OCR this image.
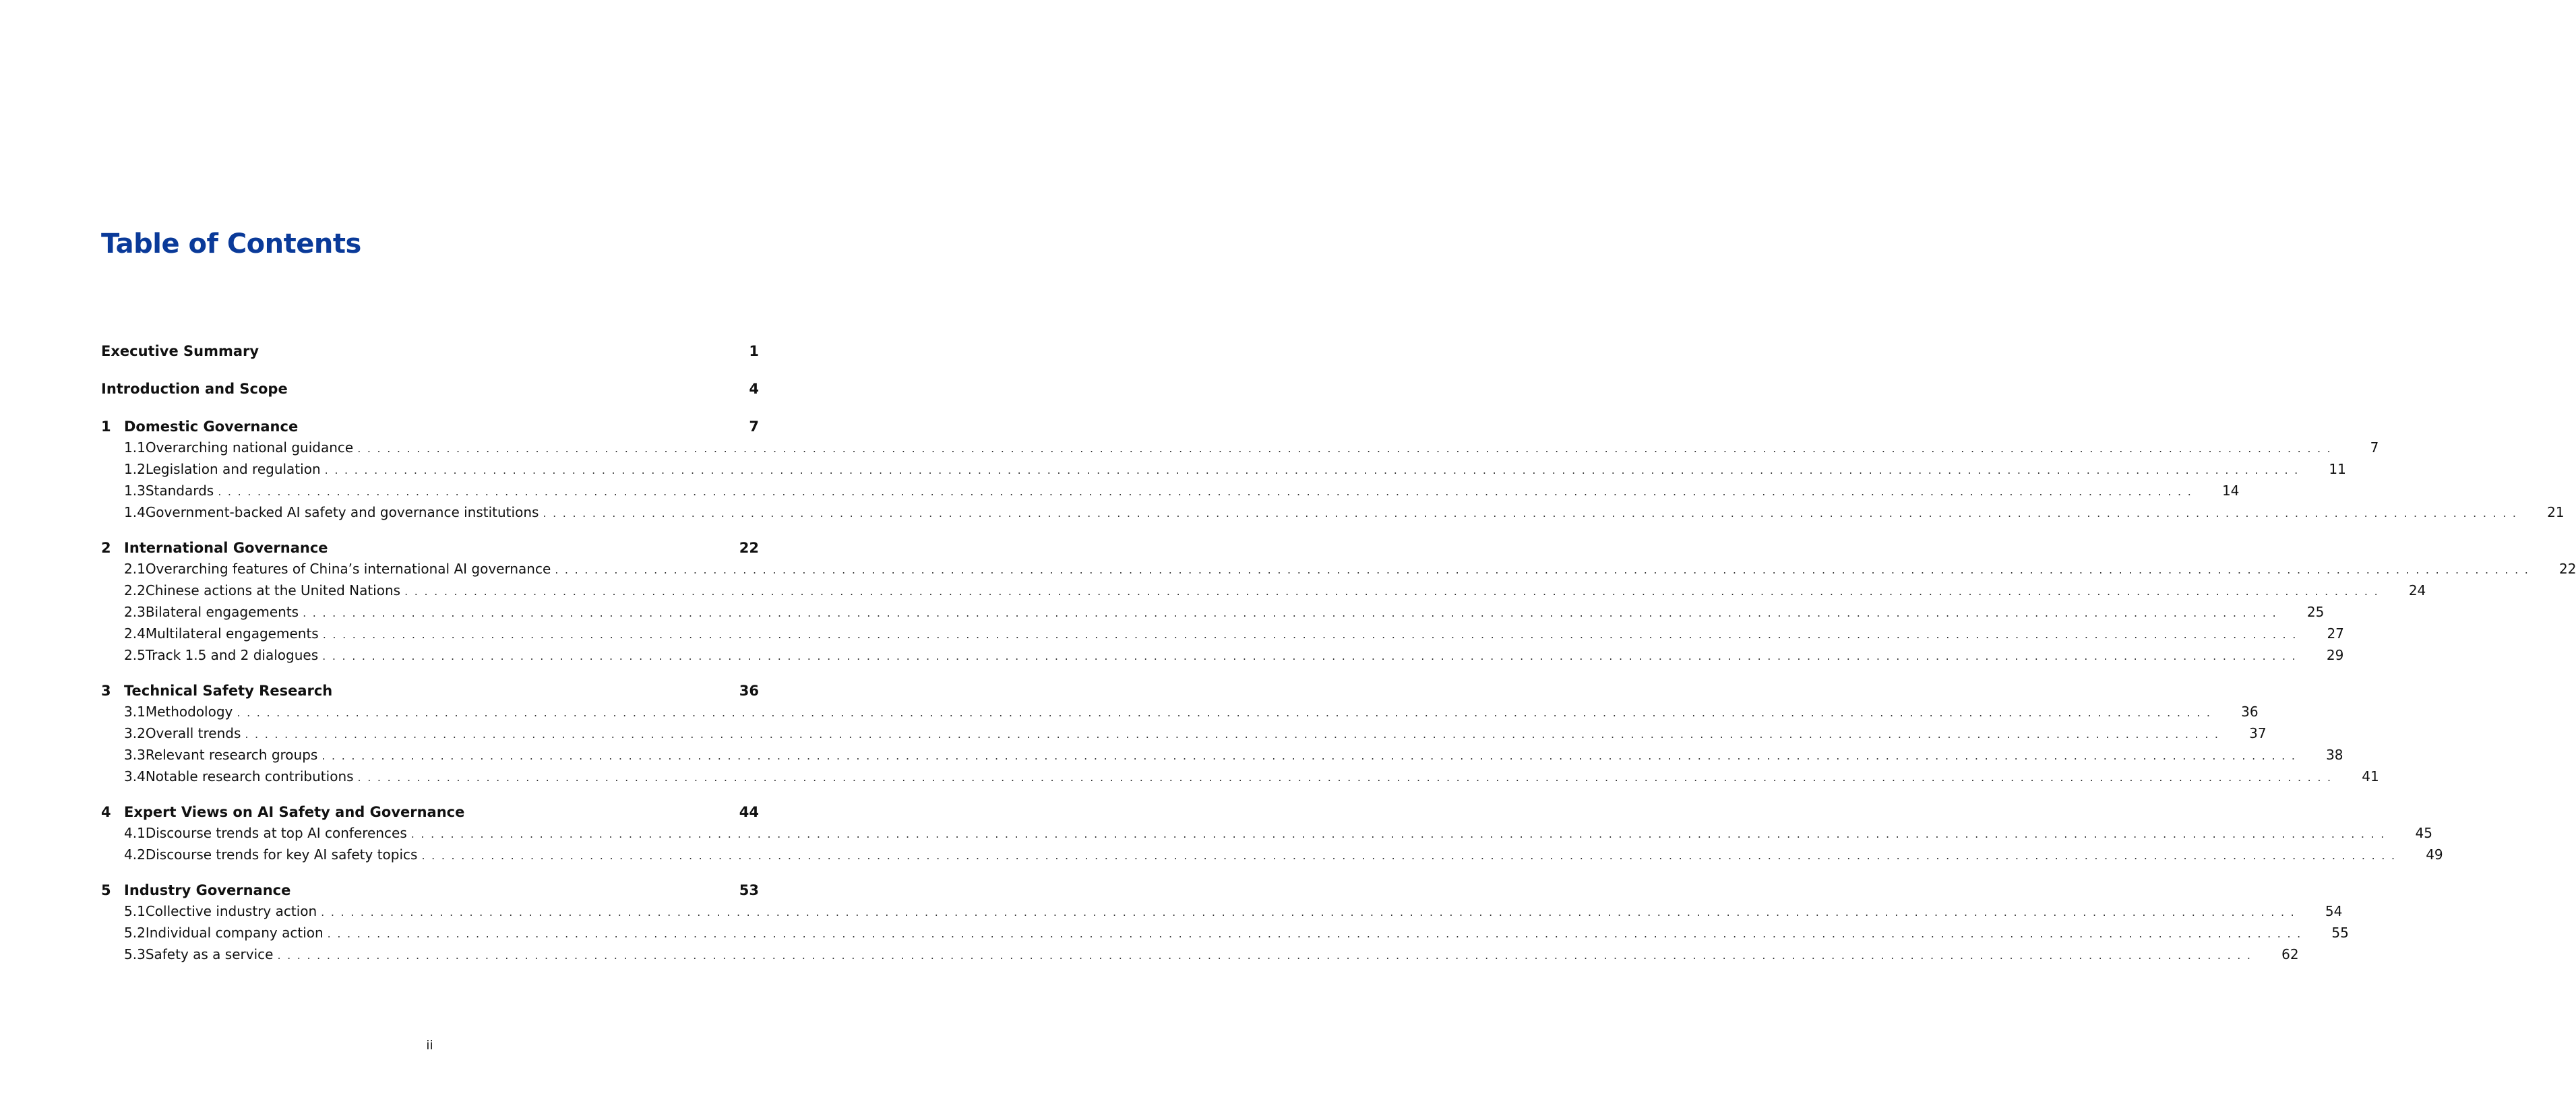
Table of Contents
Executive Summary	1
Introduction and Scope	4
1 Domestic Governance	7
1.1 Overarching national guidance ........................................................................................................................................................................................................	7
1.2 Legislation and regulation ........................................................................................................................................................................................................	11
1.3 Standards ........................................................................................................................................................................................................	14
1.4 Government-backed AI safety and governance institutions ........................................................................................................................................................................................................	21
2 International Governance	22
2.1 Overarching features of China’s international AI governance ........................................................................................................................................................................................................	22
2.2 Chinese actions at the United Nations ........................................................................................................................................................................................................	24
2.3 Bilateral engagements ........................................................................................................................................................................................................	25
2.4 Multilateral engagements ........................................................................................................................................................................................................	27
2.5 Track 1.5 and 2 dialogues ........................................................................................................................................................................................................	29
3 Technical Safety Research	36
3.1 Methodology ........................................................................................................................................................................................................	36
3.2 Overall trends ........................................................................................................................................................................................................	37
3.3 Relevant research groups ........................................................................................................................................................................................................	38
3.4 Notable research contributions ........................................................................................................................................................................................................	41
4 Expert Views on AI Safety and Governance	44
4.1 Discourse trends at top AI conferences ........................................................................................................................................................................................................	45
4.2 Discourse trends for key AI safety topics ........................................................................................................................................................................................................	49
5 Industry Governance	53
5.1 Collective industry action ........................................................................................................................................................................................................	54
5.2 Individual company action ........................................................................................................................................................................................................	55
5.3 Safety as a service ........................................................................................................................................................................................................	62
ii
